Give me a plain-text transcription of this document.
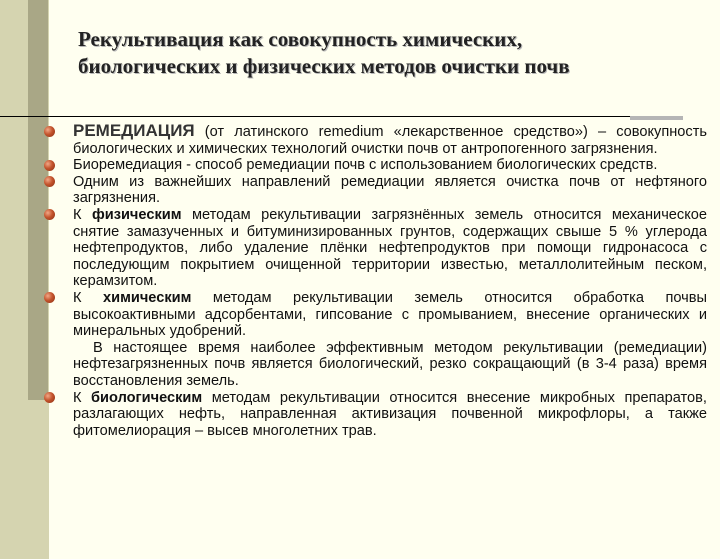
Рекультивация как совокупность химических,
биологических и физических методов очистки почв

РЕМЕДИАЦИЯ (от латинского remedium «лекарственное средство») – совокупность биологических и химических технологий очистки почв от антропогенного загрязнения.

Биоремедиация - способ ремедиации почв с использованием биологических средств.

Одним из важнейших направлений ремедиации является очистка почв от нефтяного загрязнения.

К физическим методам рекультивации загрязнённых земель относится механическое снятие замазученных и битуминизированных грунтов, содержащих свыше 5 % углерода нефтепродуктов, либо удаление плёнки нефтепродуктов при помощи гидронасоса с последующим покрытием очищенной территории известью, металлолитейным песком, керамзитом.

К химическим методам рекультивации земель относится обработка почвы высокоактивными адсорбентами, гипсование с промыванием, внесение органических и минеральных удобрений.

В настоящее время наиболее эффективным методом рекультивации (ремедиации) нефтезагрязненных почв является биологический, резко сокращающий (в 3-4 раза) время восстановления земель.

К биологическим методам рекультивации относится внесение микробных препаратов, разлагающих нефть, направленная активизация почвенной микрофлоры, а также фитомелиорация – высев многолетних трав.
